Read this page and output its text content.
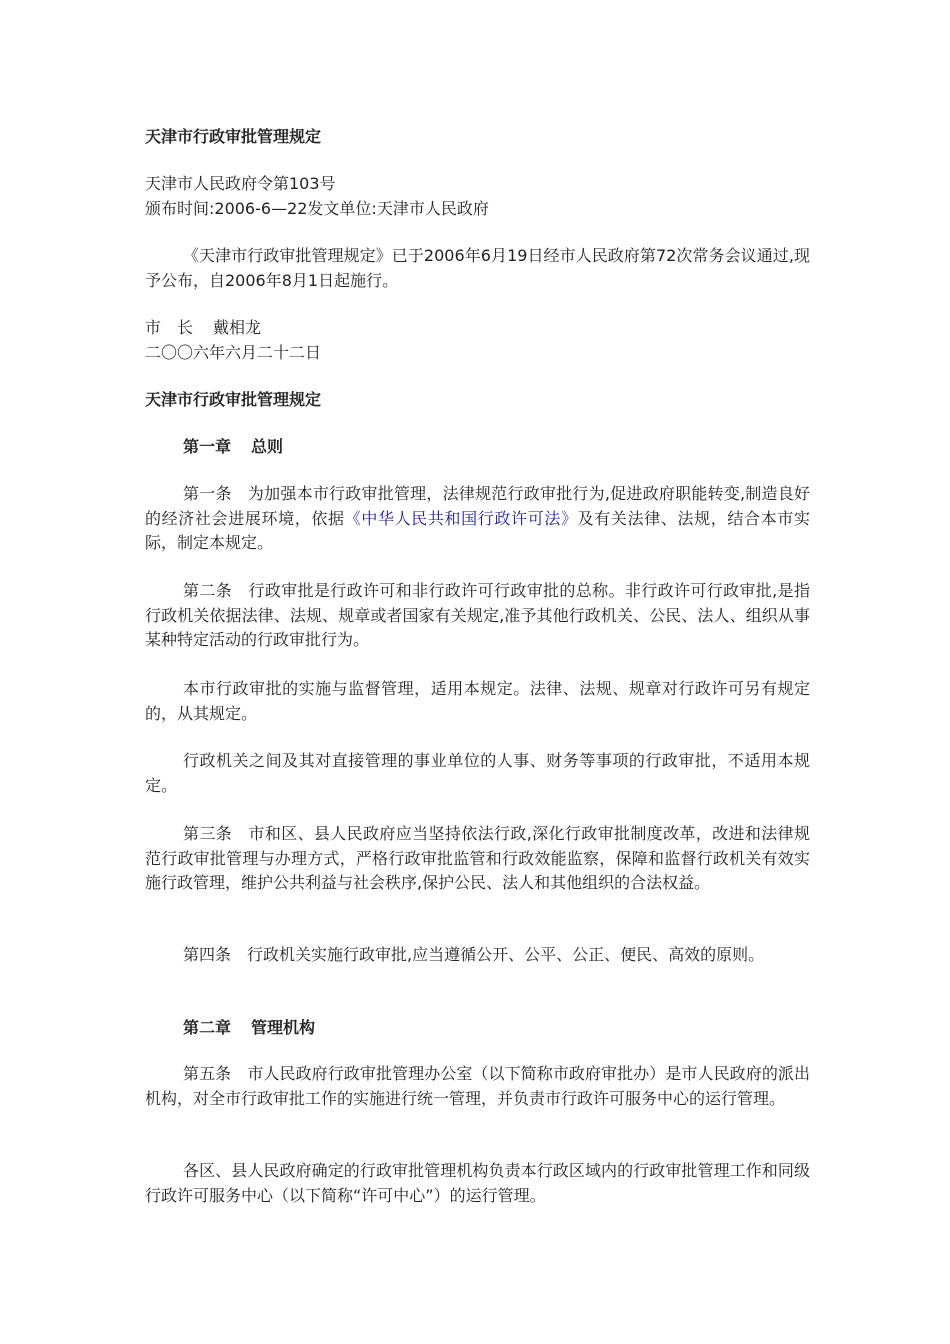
天津市行政审批管理规定
天津市人民政府令第103号
颁布时间:2006-6—22发文单位:天津市人民政府
《天津市行政审批管理规定》已于2006年6月19日经市人民政府第72次常务会议通过,现予公布，自2006年8月1日起施行。
市　长 戴相龙
二〇〇六年六月二十二日
天津市行政审批管理规定
第一章 总则
第一条 为加强本市行政审批管理，法律规范行政审批行为,促进政府职能转变,制造良好的经济社会进展环境，依据《中华人民共和国行政许可法》及有关法律、法规，结合本市实际，制定本规定。
第二条 行政审批是行政许可和非行政许可行政审批的总称。非行政许可行政审批,是指行政机关依据法律、法规、规章或者国家有关规定,准予其他行政机关、公民、法人、组织从事某种特定活动的行政审批行为。
本市行政审批的实施与监督管理，适用本规定。法律、法规、规章对行政许可另有规定的，从其规定。
行政机关之间及其对直接管理的事业单位的人事、财务等事项的行政审批，不适用本规定。
第三条 市和区、县人民政府应当坚持依法行政,深化行政审批制度改革，改进和法律规范行政审批管理与办理方式，严格行政审批监管和行政效能监察，保障和监督行政机关有效实施行政管理，维护公共利益与社会秩序,保护公民、法人和其他组织的合法权益。
第四条 行政机关实施行政审批,应当遵循公开、公平、公正、便民、高效的原则。
第二章 管理机构
第五条 市人民政府行政审批管理办公室（以下简称市政府审批办）是市人民政府的派出机构，对全市行政审批工作的实施进行统一管理，并负责市行政许可服务中心的运行管理。
各区、县人民政府确定的行政审批管理机构负责本行政区域内的行政审批管理工作和同级行政许可服务中心（以下简称“许可中心”）的运行管理。
